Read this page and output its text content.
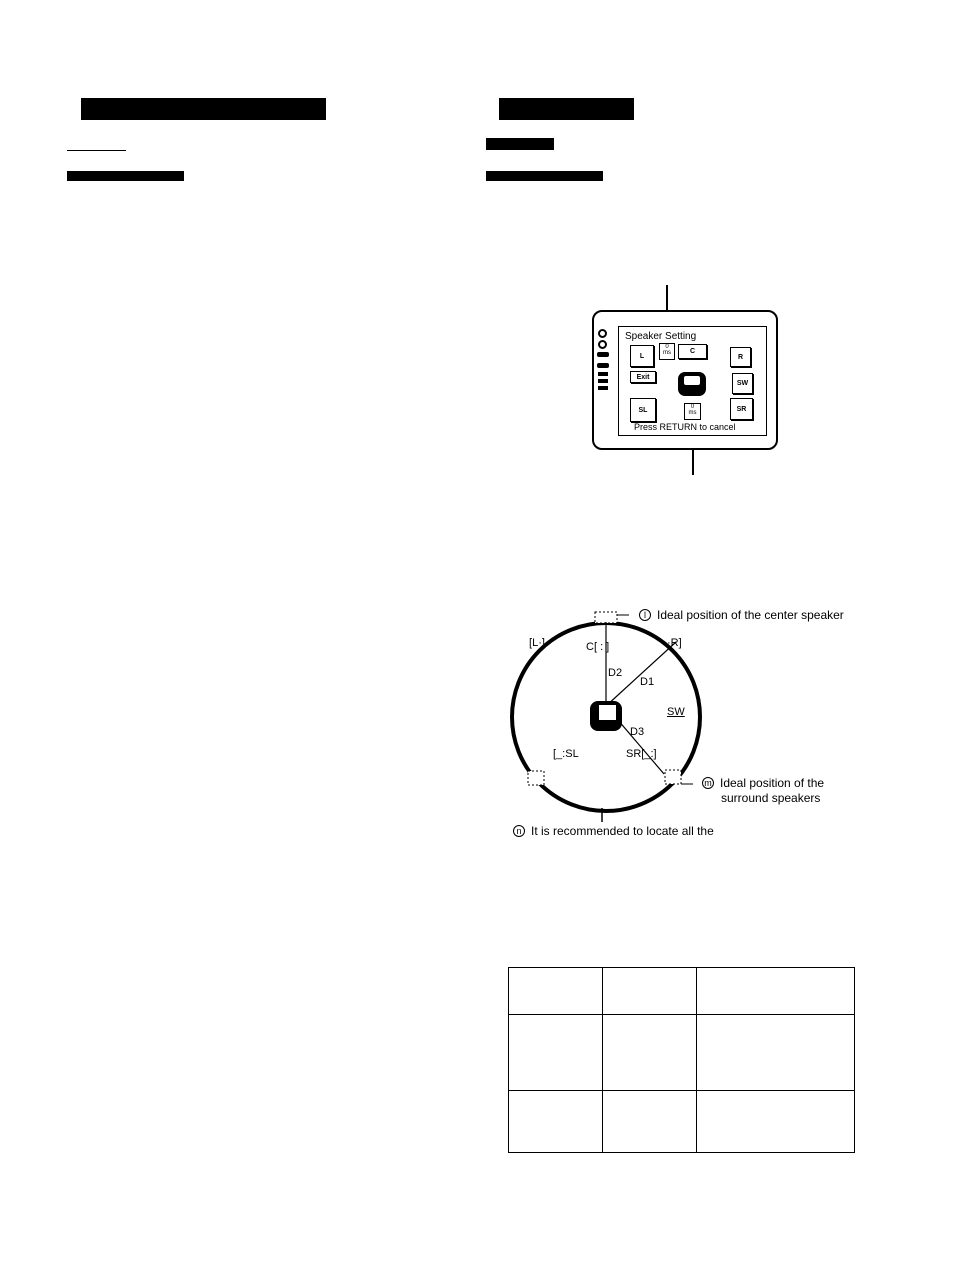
Speaker Setting
L
0
ms	C
R
Exit
SW
SL	0
ms
SR
Press RETURN to cancel
[L·]	C[ : ]	·R]
SW
[_:SL	SR[_:]
D2
D1
D3
l Ideal position of the center speaker
m Ideal position of the
surround speakers
n It is recommended to locate all the
